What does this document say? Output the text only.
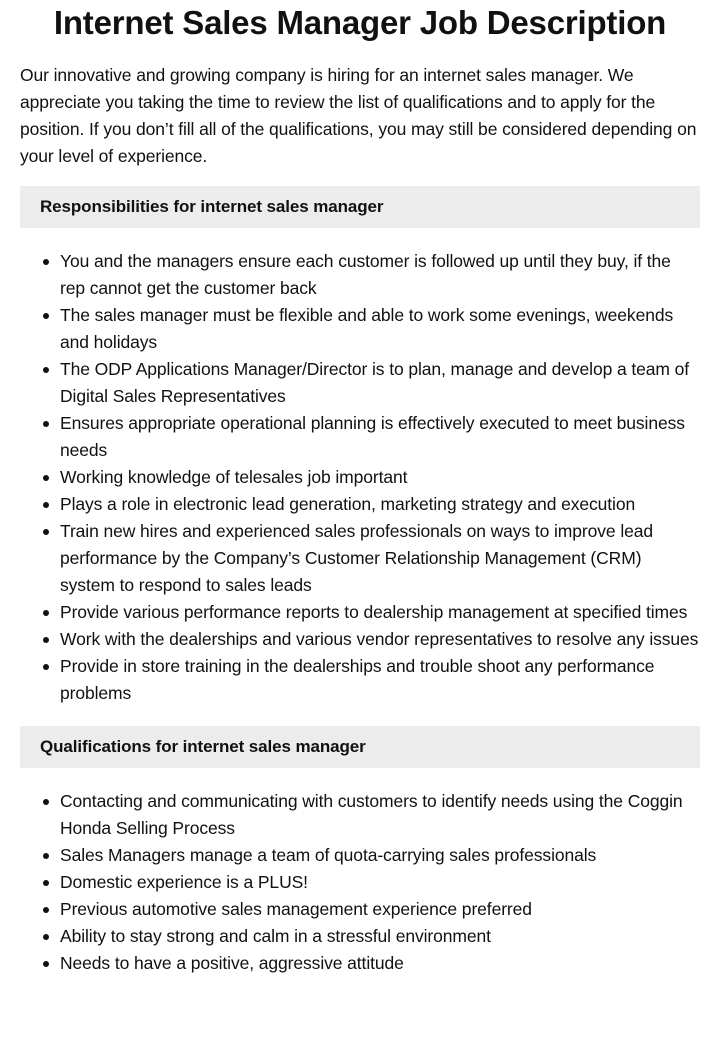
Internet Sales Manager Job Description

Our innovative and growing company is hiring for an internet sales manager. We appreciate you taking the time to review the list of qualifications and to apply for the position. If you don’t fill all of the qualifications, you may still be considered depending on your level of experience.

Responsibilities for internet sales manager
You and the managers ensure each customer is followed up until they buy, if the rep cannot get the customer back
The sales manager must be flexible and able to work some evenings, weekends and holidays
The ODP Applications Manager/Director is to plan, manage and develop a team of Digital Sales Representatives
Ensures appropriate operational planning is effectively executed to meet business needs
Working knowledge of telesales job important
Plays a role in electronic lead generation, marketing strategy and execution
Train new hires and experienced sales professionals on ways to improve lead performance by the Company’s Customer Relationship Management (CRM) system to respond to sales leads
Provide various performance reports to dealership management at specified times
Work with the dealerships and various vendor representatives to resolve any issues
Provide in store training in the dealerships and trouble shoot any performance problems
Qualifications for internet sales manager
Contacting and communicating with customers to identify needs using the Coggin Honda Selling Process
Sales Managers manage a team of quota-carrying sales professionals
Domestic experience is a PLUS!
Previous automotive sales management experience preferred
Ability to stay strong and calm in a stressful environment
Needs to have a positive, aggressive attitude
